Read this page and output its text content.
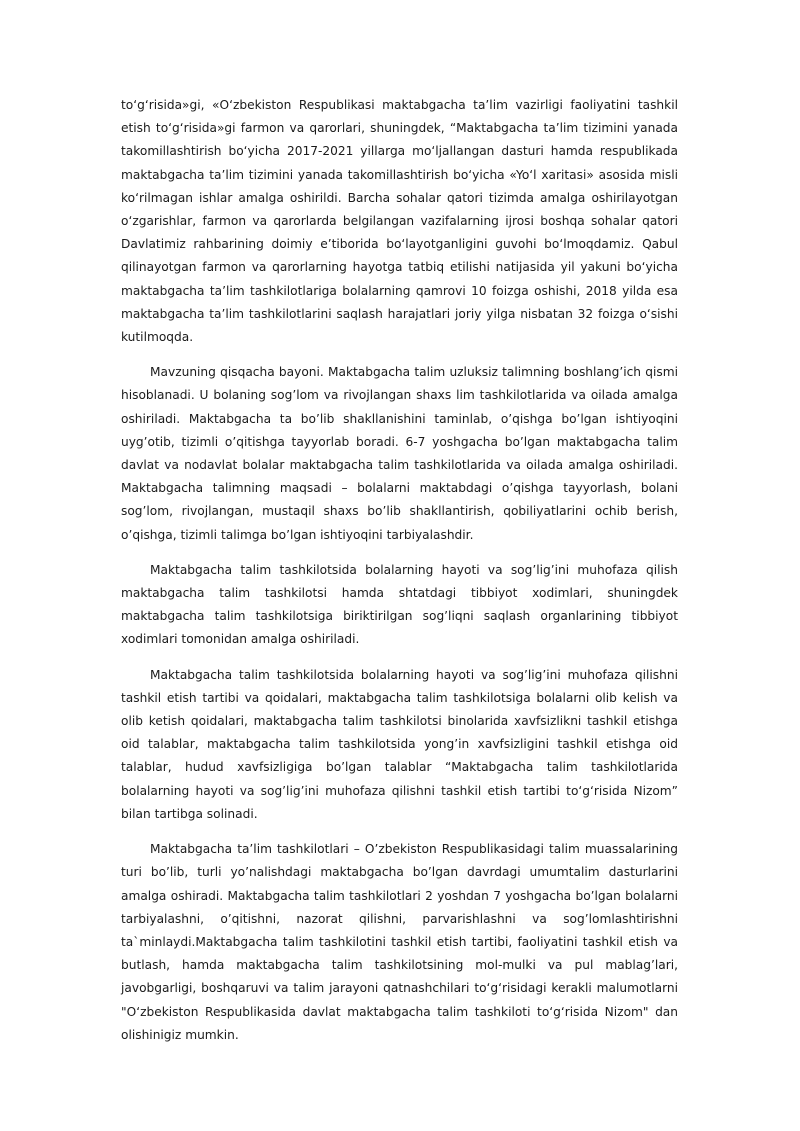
to‘g‘risida»gi, «O‘zbekiston Respublikasi maktabgacha ta’lim vazirligi faoliyatini tashkil etish to‘g‘risida»gi farmon va qarorlari, shuningdek, “Maktabgacha ta’lim tizimini yanada takomillashtirish bo‘yicha 2017-2021 yillarga mo‘ljallangan dasturi hamda respublikada maktabgacha ta’lim tizimini yanada takomillashtirish bo‘yicha «Yo‘l xaritasi» asosida misli ko‘rilmagan ishlar amalga oshirildi. Barcha sohalar qatori tizimda amalga oshirilayotgan o‘zgarishlar, farmon va qarorlarda belgilangan vazifalarning ijrosi boshqa sohalar qatori Davlatimiz rahbarining doimiy e’tiborida bo‘layotganligini guvohi bo‘lmoqdamiz. Qabul qilinayotgan farmon va qarorlarning hayotga tatbiq etilishi natijasida yil yakuni bo‘yicha maktabgacha ta’lim tashkilotlariga bolalarning qamrovi 10 foizga oshishi, 2018 yilda esa maktabgacha ta’lim tashkilotlarini saqlash harajatlari joriy yilga nisbatan 32 foizga o‘sishi kutilmoqda.

Mavzuning qisqacha bayoni. Maktabgacha talim uzluksiz talimning boshlang’ich qismi hisoblanadi. U bolaning sog’lom va rivojlangan shaxs lim tashkilotlarida va oilada amalga oshiriladi. Maktabgacha ta bo’lib shakllanishini taminlab, o’qishga bo’lgan ishtiyoqini uyg’otib, tizimli o’qitishga tayyorlab boradi. 6-7 yoshgacha bo’lgan maktabgacha talim davlat va nodavlat bolalar maktabgacha talim tashkilotlarida va oilada amalga oshiriladi. Maktabgacha talimning maqsadi – bolalarni maktabdagi o’qishga tayyorlash, bolani sog’lom, rivojlangan, mustaqil shaxs bo’lib shakllantirish, qobiliyatlarini ochib berish, o’qishga, tizimli talimga bo’lgan ishtiyoqini tarbiyalashdir.

Maktabgacha talim tashkilotsida bolalarning hayoti va sog’lig’ini muhofaza qilish maktabgacha talim tashkilotsi hamda shtatdagi tibbiyot xodimlari, shuningdek maktabgacha talim tashkilotsiga biriktirilgan sog’liqni saqlash organlarining tibbiyot xodimlari tomonidan amalga oshiriladi.

Maktabgacha talim tashkilotsida bolalarning hayoti va sog’lig’ini muhofaza qilishni tashkil etish tartibi va qoidalari, maktabgacha talim tashkilotsiga bolalarni olib kelish va olib ketish qoidalari, maktabgacha talim tashkilotsi binolarida xavfsizlikni tashkil etishga oid talablar, maktabgacha talim tashkilotsida yong’in xavfsizligini tashkil etishga oid talablar, hudud xavfsizligiga bo’lgan talablar “Maktabgacha talim tashkilotlarida bolalarning hayoti va sog’lig’ini muhofaza qilishni tashkil etish tartibi to‘g‘risida Nizom” bilan tartibga solinadi.

Maktabgacha ta’lim tashkilotlari – O’zbekiston Respublikasidagi talim muassalarining turi bo’lib, turli yo’nalishdagi maktabgacha bo’lgan davrdagi umumtalim dasturlarini amalga oshiradi. Maktabgacha talim tashkilotlari 2 yoshdan 7 yoshgacha bo’lgan bolalarni tarbiyalashni, o’qitishni, nazorat qilishni, parvarishlashni va sog’lomlashtirishni ta`minlaydi.Maktabgacha talim tashkilotini tashkil etish tartibi, faoliyatini tashkil etish va butlash, hamda maktabgacha talim tashkilotsining mol-mulki va pul mablag’lari, javobgarligi, boshqaruvi va talim jarayoni qatnashchilari to‘g‘risidagi kerakli malumotlarni "O‘zbekiston Respublikasida davlat maktabgacha talim tashkiloti to‘g‘risida Nizom" dan olishinigiz mumkin.
